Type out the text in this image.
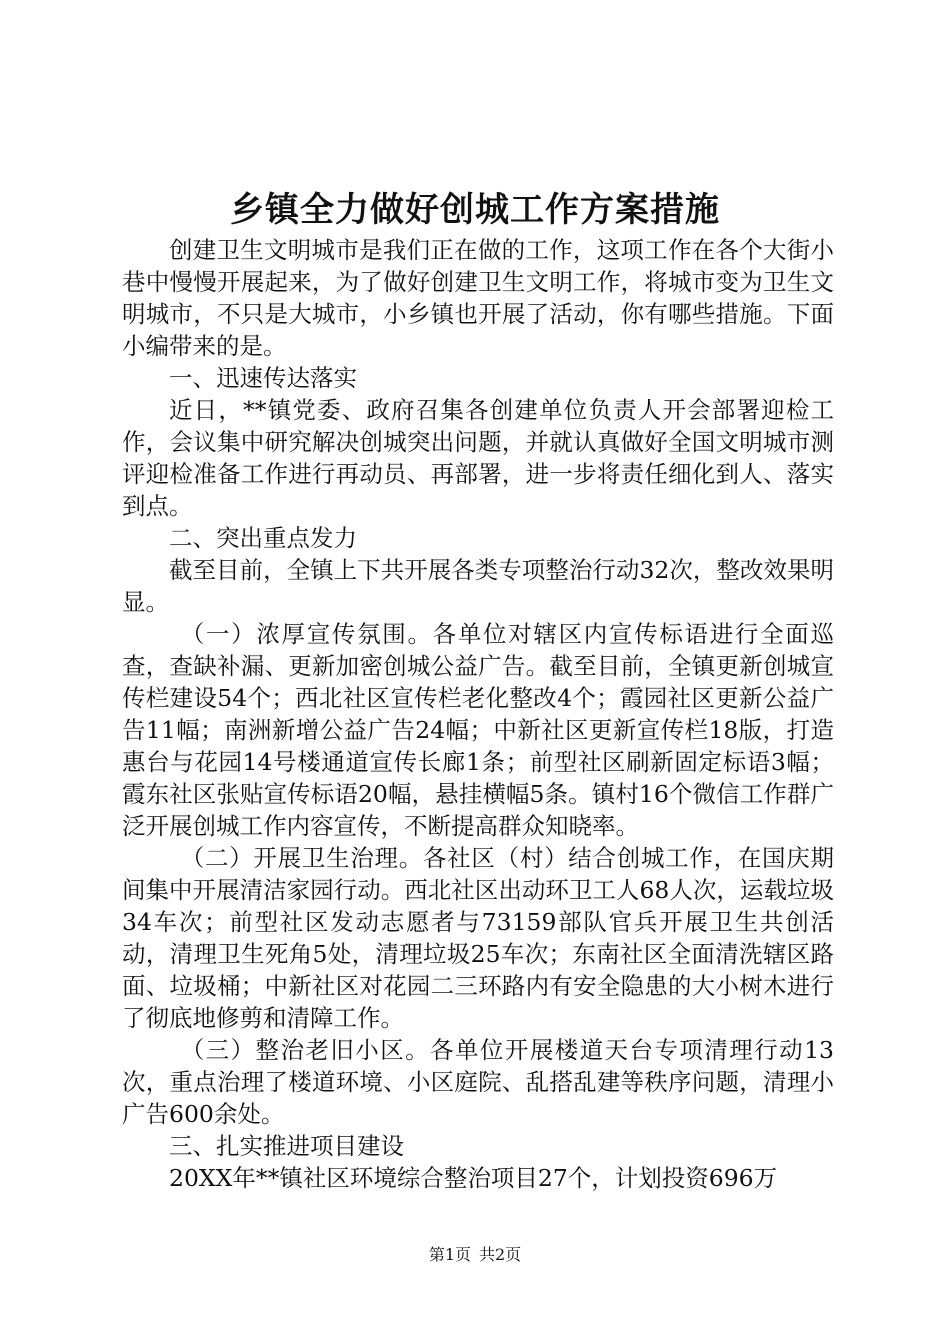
乡镇全力做好创城工作方案措施

创建卫生文明城市是我们正在做的工作，这项工作在各个大街小巷中慢慢开展起来，为了做好创建卫生文明工作，将城市变为卫生文明城市，不只是大城市，小乡镇也开展了活动，你有哪些措施。下面小编带来的是。

一、迅速传达落实

近日，**镇党委、政府召集各创建单位负责人开会部署迎检工作，会议集中研究解决创城突出问题，并就认真做好全国文明城市测评迎检准备工作进行再动员、再部署，进一步将责任细化到人、落实到点。

二、突出重点发力

截至目前，全镇上下共开展各类专项整治行动32次，整改效果明显。

（一）浓厚宣传氛围。各单位对辖区内宣传标语进行全面巡查，查缺补漏、更新加密创城公益广告。截至目前，全镇更新创城宣传栏建设54个；西北社区宣传栏老化整改4个；霞园社区更新公益广告11幅；南洲新增公益广告24幅；中新社区更新宣传栏18版，打造惠台与花园14号楼通道宣传长廊1条；前型社区刷新固定标语3幅；霞东社区张贴宣传标语20幅，悬挂横幅5条。镇村16个微信工作群广泛开展创城工作内容宣传，不断提高群众知晓率。

（二）开展卫生治理。各社区（村）结合创城工作，在国庆期间集中开展清洁家园行动。西北社区出动环卫工人68人次，运载垃圾34车次；前型社区发动志愿者与73159部队官兵开展卫生共创活动，清理卫生死角5处，清理垃圾25车次；东南社区全面清洗辖区路面、垃圾桶；中新社区对花园二三环路内有安全隐患的大小树木进行了彻底地修剪和清障工作。

（三）整治老旧小区。各单位开展楼道天台专项清理行动13次，重点治理了楼道环境、小区庭院、乱搭乱建等秩序问题，清理小广告600余处。

三、扎实推进项目建设

20XX年**镇社区环境综合整治项目27个，计划投资696万

第1页 共2页
